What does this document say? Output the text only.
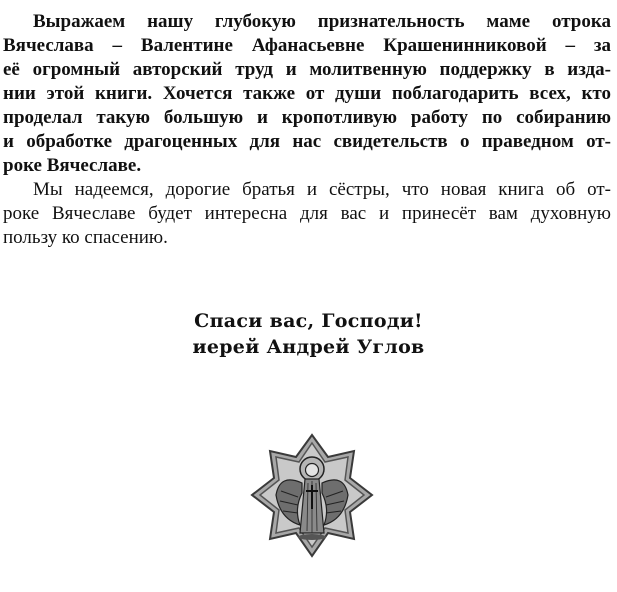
Выражаем нашу глубокую признательность маме отрока
Вячеслава – Валентине Афанасьевне Крашенинниковой – за
её огромный авторский труд и молитвенную поддержку в изда-
нии этой книги. Хочется также от души поблагодарить всех, кто
проделал такую большую и кропотливую работу по собиранию
и обработке драгоценных для нас свидетельств о праведном от-
роке Вячеславе.

Мы надеемся, дорогие братья и сёстры, что новая книга об от-
роке Вячеславе будет интересна для вас и принесёт вам духовную
пользу ко спасению.

Спаси вас, Господи!
иерей Андрей Углов
